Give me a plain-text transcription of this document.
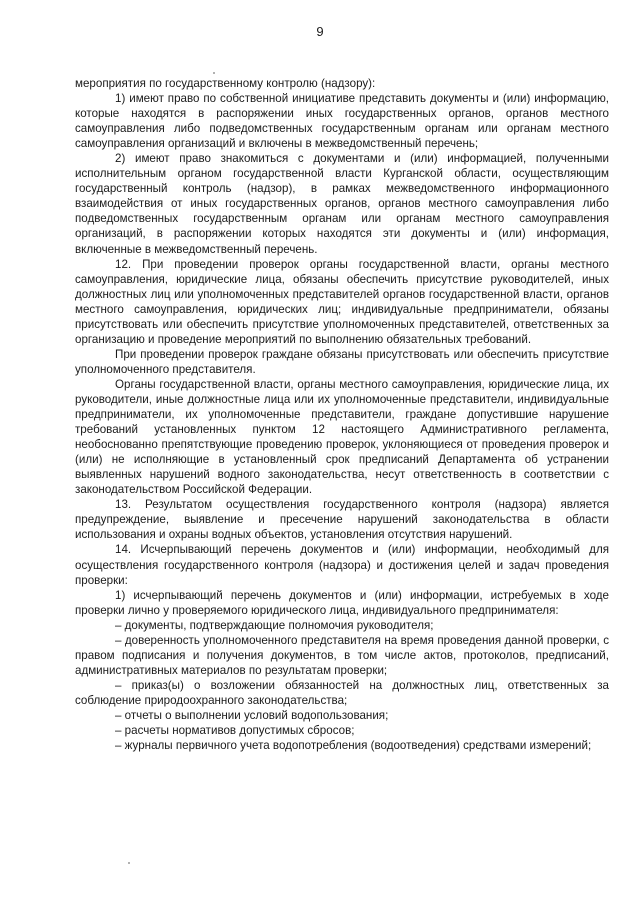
9

мероприятия по государственному контролю (надзору):

1) имеют право по собственной инициативе представить документы и (или) информацию, которые находятся в распоряжении иных государственных органов, органов местного самоуправления либо подведомственных государственным органам или органам местного самоуправления организаций и включены в межведомственный перечень;

2) имеют право знакомиться с документами и (или) информацией, полученными исполнительным органом государственной власти Курганской области, осуществляющим государственный контроль (надзор), в рамках межведомственного информационного взаимодействия от иных государственных органов, органов местного самоуправления либо подведомственных государственным органам или органам местного самоуправления организаций, в распоряжении которых находятся эти документы и (или) информация, включенные в межведомственный перечень.

12. При проведении проверок органы государственной власти, органы местного самоуправления, юридические лица, обязаны обеспечить присутствие руководителей, иных должностных лиц или уполномоченных представителей органов государственной власти, органов местного самоуправления, юридических лиц; индивидуальные предприниматели, обязаны присутствовать или обеспечить присутствие уполномоченных представителей, ответственных за организацию и проведение мероприятий по выполнению обязательных требований.

При проведении проверок граждане обязаны присутствовать или обеспечить присутствие уполномоченного представителя.

Органы государственной власти, органы местного самоуправления, юридические лица, их руководители, иные должностные лица или их уполномоченные представители, индивидуальные предприниматели, их уполномоченные представители, граждане допустившие нарушение требований установленных пунктом 12 настоящего Административного регламента, необоснованно препятствующие проведению проверок, уклоняющиеся от проведения проверок и (или) не исполняющие в установленный срок предписаний Департамента об устранении выявленных нарушений водного законодательства, несут ответственность в соответствии с законодательством Российской Федерации.

13. Результатом осуществления государственного контроля (надзора) является предупреждение, выявление и пресечение нарушений законодательства в области использования и охраны водных объектов, установления отсутствия нарушений.

14. Исчерпывающий перечень документов и (или) информации, необходимый для осуществления государственного контроля (надзора) и достижения целей и задач проведения проверки:

1) исчерпывающий перечень документов и (или) информации, истребуемых в ходе проверки лично у проверяемого юридического лица, индивидуального предпринимателя:

– документы, подтверждающие полномочия руководителя;

– доверенность уполномоченного представителя на время проведения данной проверки, с правом подписания и получения документов, в том числе актов, протоколов, предписаний, административных материалов по результатам проверки;

– приказ(ы) о возложении обязанностей на должностных лиц, ответственных за соблюдение природоохранного законодательства;

– отчеты о выполнении условий водопользования;

– расчеты нормативов допустимых сбросов;

– журналы первичного учета водопотребления (водоотведения) средствами измерений;
